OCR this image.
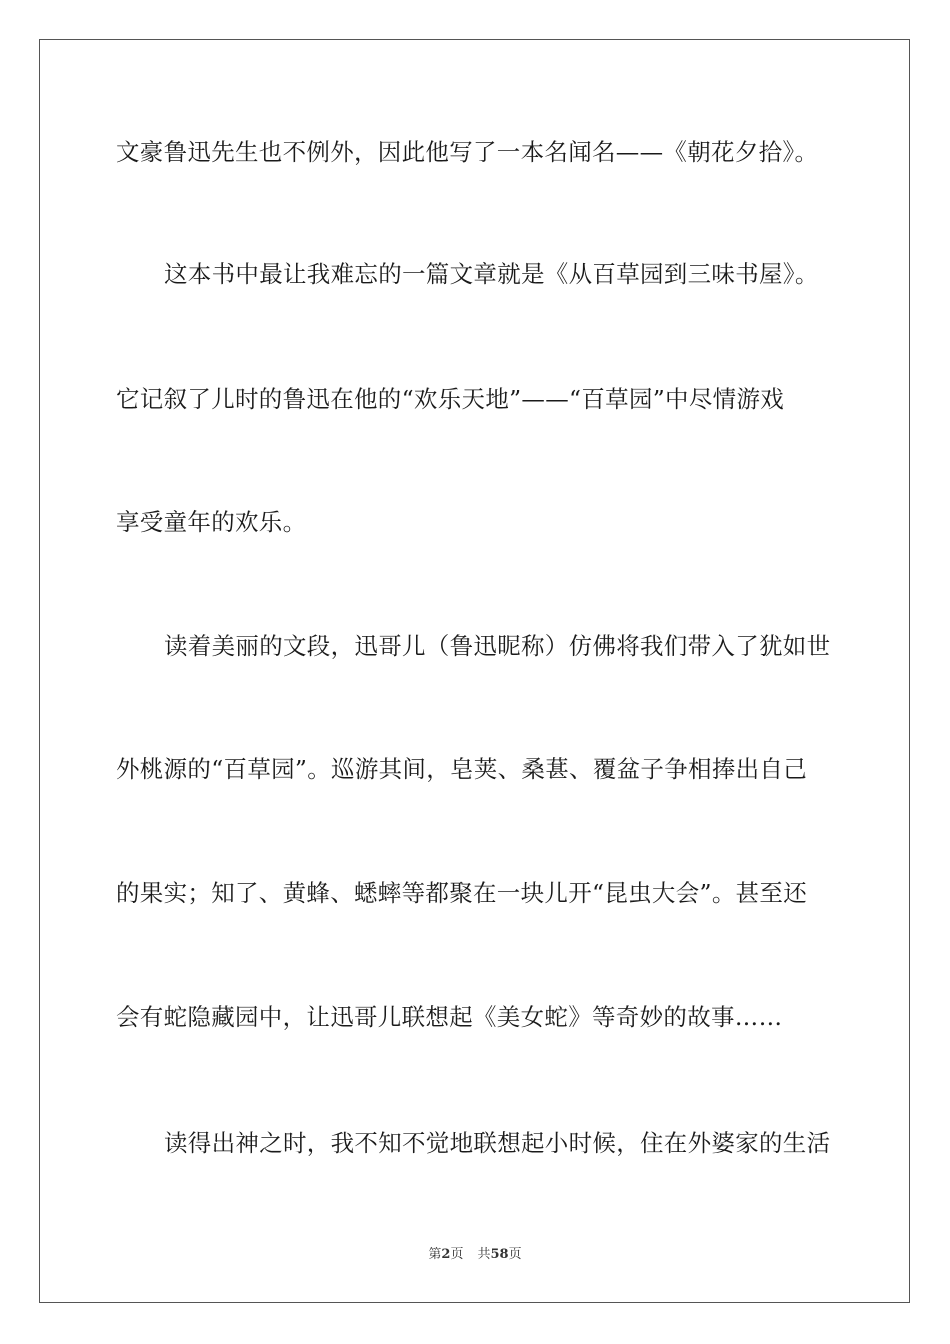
文豪鲁迅先生也不例外，因此他写了一本名闻名——《朝花夕拾》。
这本书中最让我难忘的一篇文章就是《从百草园到三味书屋》。
它记叙了儿时的鲁迅在他的“欢乐天地”——“百草园”中尽情游戏
享受童年的欢乐。
读着美丽的文段，迅哥儿（鲁迅昵称）仿佛将我们带入了犹如世
外桃源的“百草园”。巡游其间，皂荚、桑葚、覆盆子争相捧出自己
的果实；知了、黄蜂、蟋蟀等都聚在一块儿开“昆虫大会”。甚至还
会有蛇隐藏园中，让迅哥儿联想起《美女蛇》等奇妙的故事……
读得出神之时，我不知不觉地联想起小时候，住在外婆家的生活
第2页 共58页
